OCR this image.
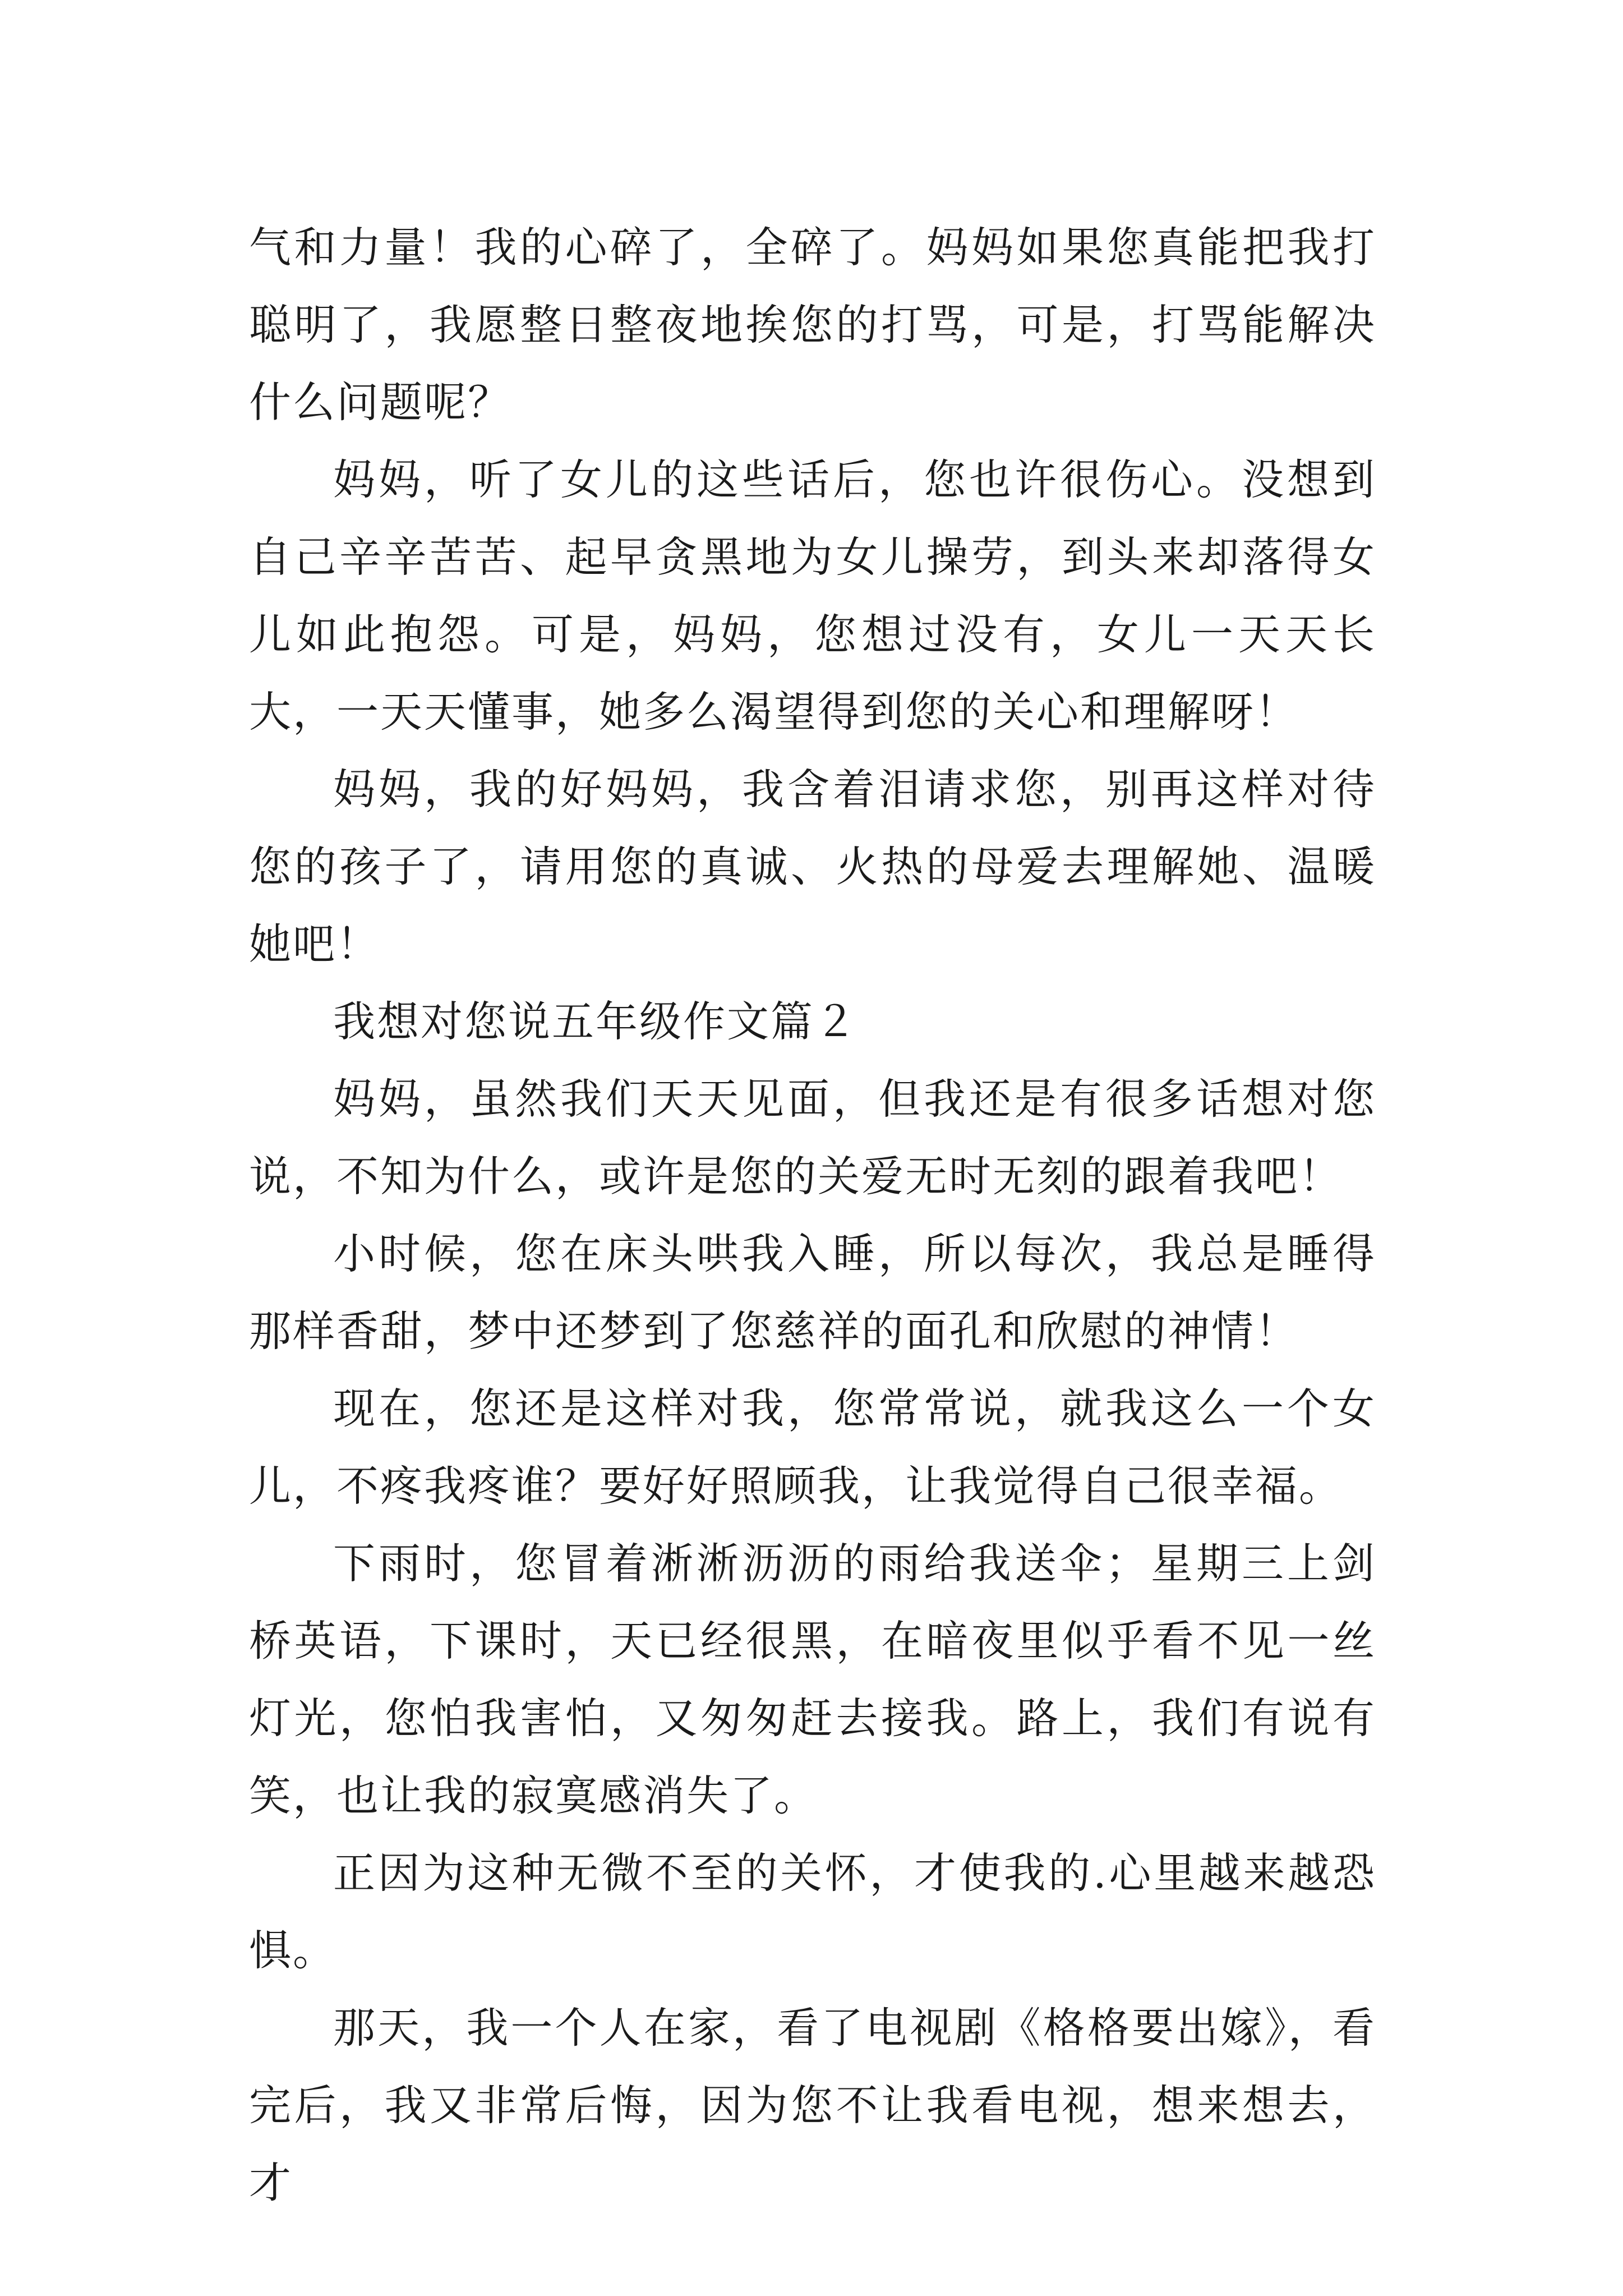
气和力量！我的心碎了，全碎了。妈妈如果您真能把我打聪明了，我愿整日整夜地挨您的打骂，可是，打骂能解决什么问题呢？

妈妈，听了女儿的这些话后，您也许很伤心。没想到自己辛辛苦苦、起早贪黑地为女儿操劳，到头来却落得女儿如此抱怨。可是，妈妈，您想过没有，女儿一天天长大，一天天懂事，她多么渴望得到您的关心和理解呀！

妈妈，我的好妈妈，我含着泪请求您，别再这样对待您的孩子了，请用您的真诚、火热的母爱去理解她、温暖她吧！

我想对您说五年级作文篇２

妈妈，虽然我们天天见面，但我还是有很多话想对您说，不知为什么，或许是您的关爱无时无刻的跟着我吧！

小时候，您在床头哄我入睡，所以每次，我总是睡得那样香甜，梦中还梦到了您慈祥的面孔和欣慰的神情！

现在，您还是这样对我，您常常说，就我这么一个女儿，不疼我疼谁？要好好照顾我，让我觉得自己很幸福。

下雨时，您冒着淅淅沥沥的雨给我送伞；星期三上剑桥英语，下课时，天已经很黑，在暗夜里似乎看不见一丝灯光，您怕我害怕，又匆匆赶去接我。路上，我们有说有笑，也让我的寂寞感消失了。

正因为这种无微不至的关怀，才使我的.心里越来越恐惧。

那天，我一个人在家，看了电视剧《格格要出嫁》，看完后，我又非常后悔，因为您不让我看电视，想来想去，才
